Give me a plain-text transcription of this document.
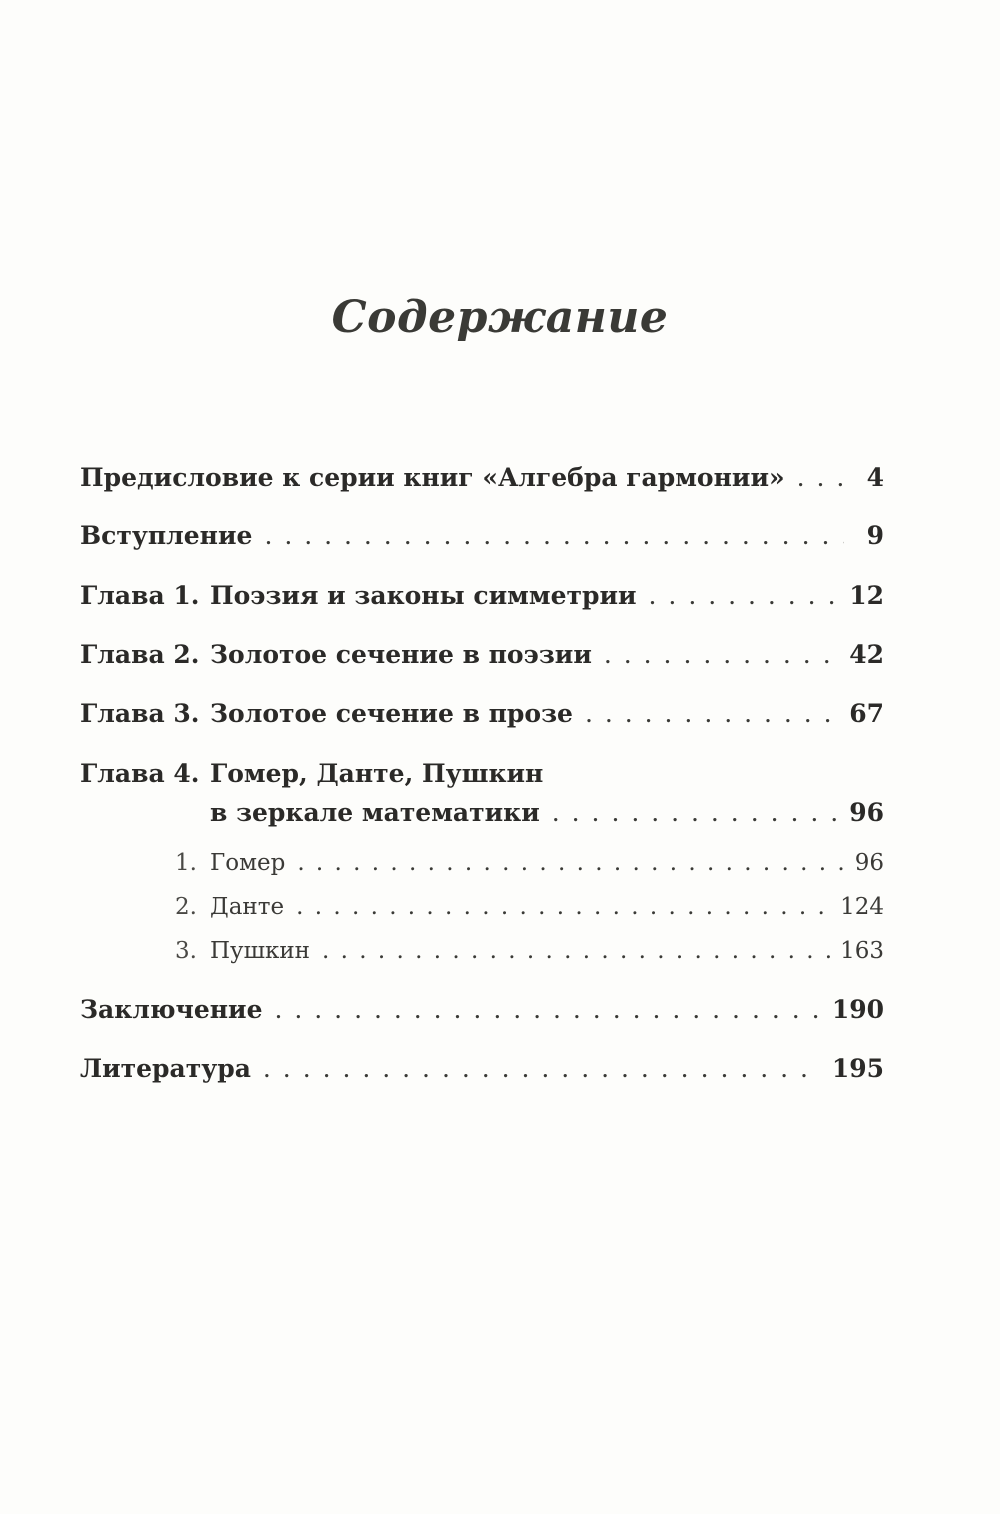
Содержание
Предисловие к серии книг «Алгебра гармонии» . . .	4
Вступление . . .	9
Глава 1. Поэзия и законы симметрии . . .	12
Глава 2. Золотое сечение в поэзии . . .	42
Глава 3. Золотое сечение в прозе . . .	67
Глава 4. Гомер, Данте, Пушкин
в зеркале математики . . .	96
1. Гомер . . .	96
2. Данте . . .	124
3. Пушкин . . .	163
Заключение . . .	190
Литература . . .	195
